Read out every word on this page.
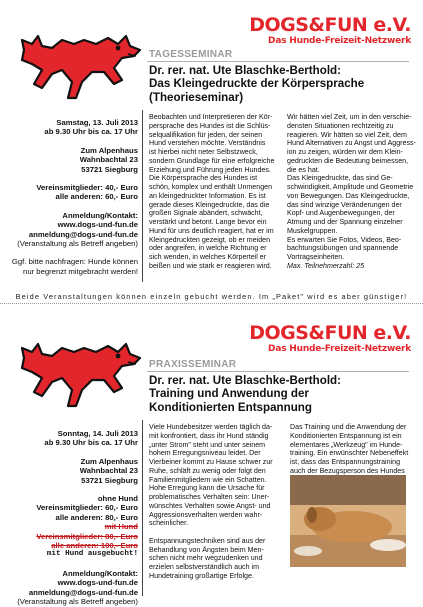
DOGS&FUN e.V.
Das Hunde-Freizeit-Netzwerk
TAGESSEMINAR
Dr. rer. nat. Ute Blaschke-Berthold:
Das Kleingedruckte der Körpersprache
(Theorieseminar)
Samstag, 13. Juli 2013
ab 9.30 Uhr bis ca. 17 Uhr
Zum Alpenhaus
Wahnbachtal 23
53721 Siegburg
Vereinsmitglieder: 40,- Euro
alle anderen: 60,- Euro
Anmeldung/Kontakt:
www.dogs-und-fun.de
anmeldung@dogs-und-fun.de
(Veranstaltung als Betreff angeben)
Ggf. bitte nachfragen: Hunde können
nur begrenzt mitgebracht werden!
Beobachten und Interpretieren der Kör-
persprache des Hundes ist die Schlüs-
selqualifikation für jeden, der seinen
Hund verstehen möchte. Verständnis
ist hierbei nicht neter Selbstzweck,
sondern Grundlage für eine erfolgreiche
Erziehung und Führung jeden Hundes.
Die Körpersprache des Hundes ist
schön, komplex und enthält Unmengen
an kleingedruckter Information. Es ist
gerade dieses Kleingedruckte, das die
großen Signale abändert, schwächt,
verstärkt und betont. Lange bevor ein
Hund für uns deutlich reagiert, hat er im
Kleingedruckten gezeigt, ob er meiden
oder angreifen, in welche Richtung er
sich wenden, in welches Körperteil er
beißen und wie stark er reagieren wird.
Wir hätten viel Zeit, um in den verschie-
densten Situationen rechtzeitig zu
reagieren. Wir hätten so viel Zeit, dem
Hund Alternativen zu Angst und Aggress-
ion zu zeigen, würden wir dem Klein-
gedruckten die Bedeutung beimessen,
die es hat.
Das Kleingedruckte, das sind Ge-
schwindigkeit, Amplitude und Geometrie
von Bewegungen. Das Kleingedruckte,
das sind winzige Veränderungen der
Kopf- und Augenbewegungen, der
Atmung und der Spannung einzelner
Muskelgruppen.
Es erwarten Sie Fotos, Videos, Beo-
bachtungsübungen und spannende
Vortragseinheiten.
Max. Teilnehmerzahl: 25
Beide Veranstaltungen können einzeln gebucht werden. Im „Paket" wird es aber günstiger!
DOGS&FUN e.V.
Das Hunde-Freizeit-Netzwerk
PRAXISSEMINAR
Dr. rer. nat. Ute Blaschke-Berthold:
Training und Anwendung der
Konditionierten Entspannung
Sonntag, 14. Juli 2013
ab 9.30 Uhr bis ca. 17 Uhr
Zum Alpenhaus
Wahnbachtal 23
53721 Siegburg
ohne Hund
Vereinsmitglieder: 60,- Euro
alle anderen: 80,- Euro
mit Hund
Vereinsmitglieder: 80,- Euro
alle anderen: 100,- Euro
mit Hund ausgebucht!
Anmeldung/Kontakt:
www.dogs-und-fun.de
anmeldung@dogs-und-fun.de
(Veranstaltung als Betreff angeben)
Viele Hundebesitzer werden täglich da-
mit konfrontiert, dass ihr Hund ständig
„unter Strom" steht und unter seinem
hohem Erregungsniveau leidet. Der
Vierbeiner kommt zu Hause schwer zur
Ruhe, schläft zu wenig oder folgt den
Familienmitgliedern wie ein Schatten.
Hohe Erregung kann die Ursache für
problematisches Verhalten sein: Uner-
wünschtes Verhalten sowie Angst- und
Aggressionsverhalten werden wahr-
scheinlicher.
Entspannungstechniken sind aus der
Behandlung von Ängsten beim Men-
schen nicht mehr wegzudenken und
erzielen selbstverständlich auch im
Hundetraining großartige Erfolge.
Das Training und die Anwendung der
Konditionierten Entspannung ist ein
elementares „Werkzeug" im Hunde-
training. Ein erwünschter Nebeneffekt
ist, dass das Entspannungstraining
auch der Bezugsperson des Hundes
